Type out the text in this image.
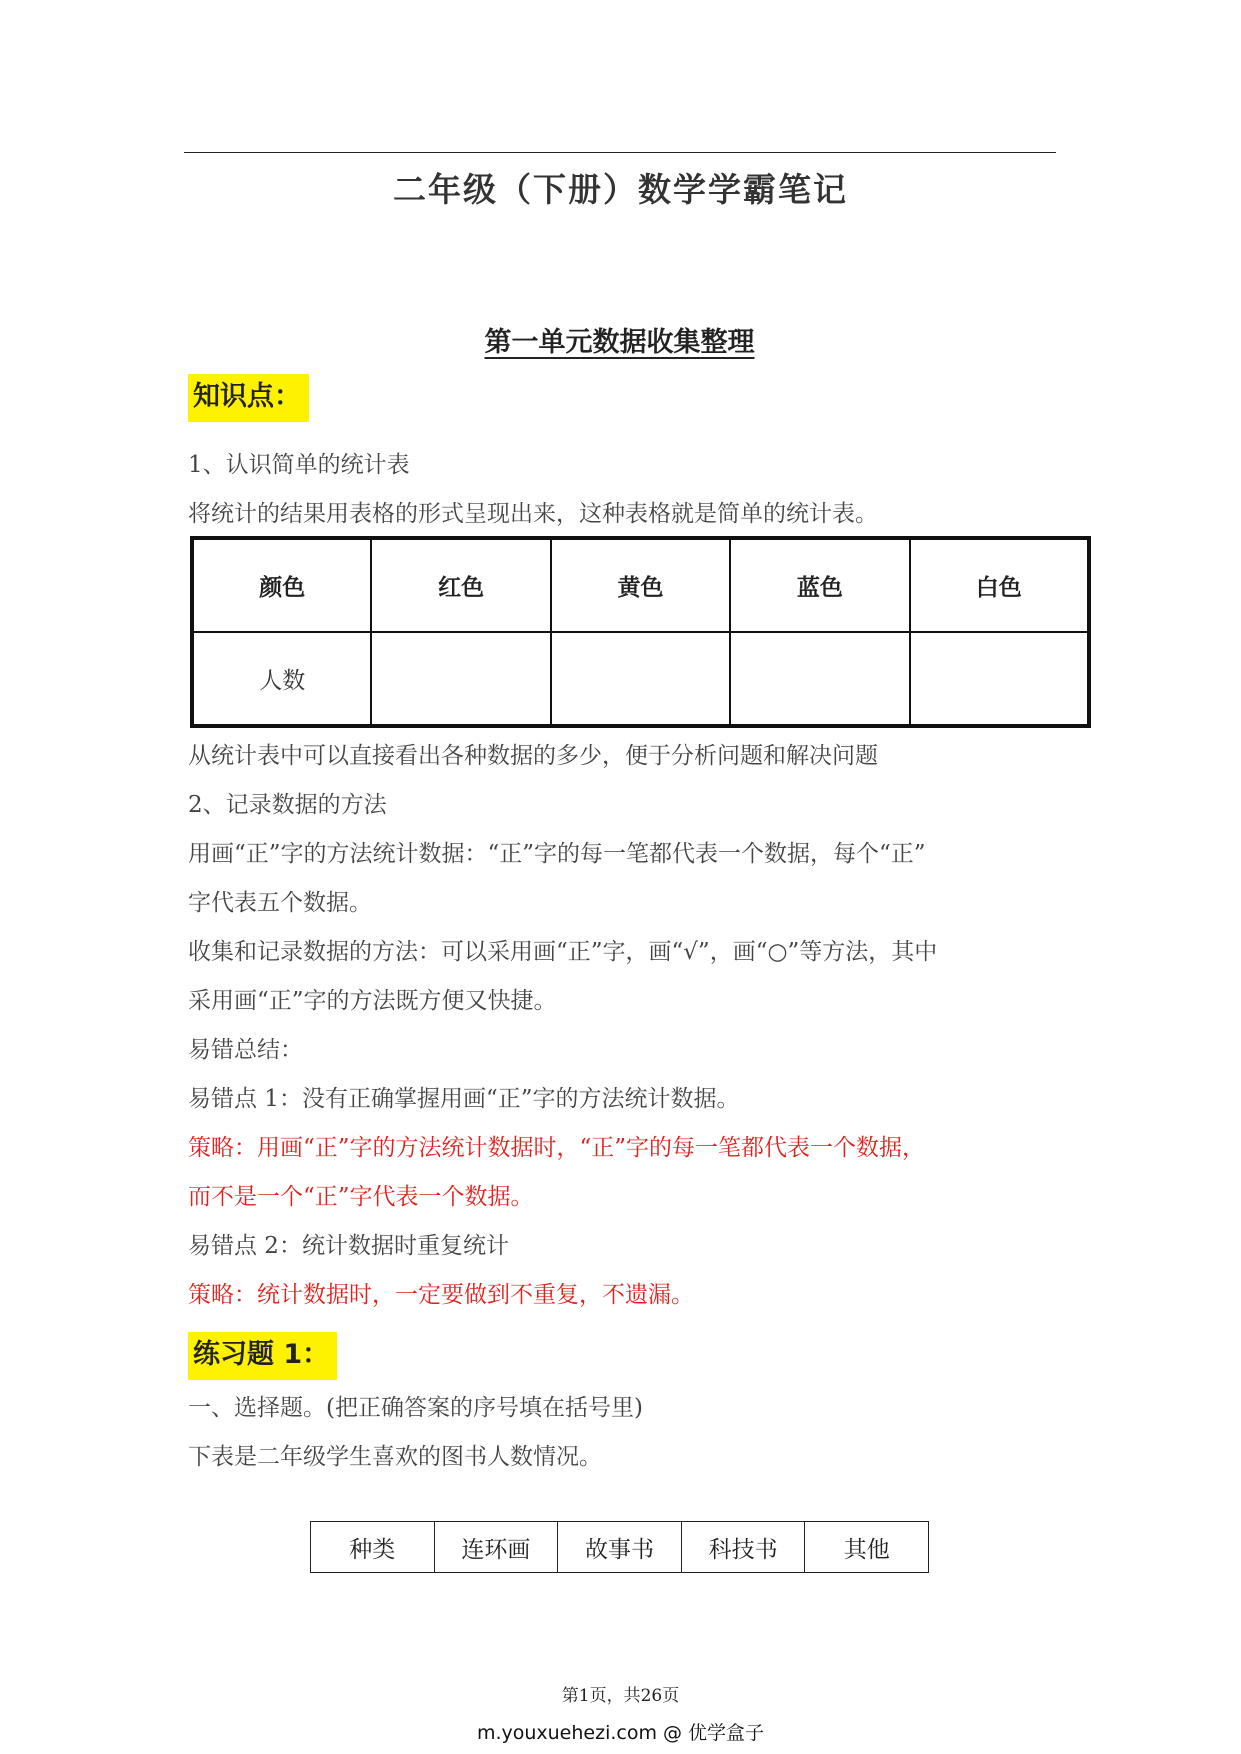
二年级（下册）数学学霸笔记
第一单元数据收集整理
知识点：
1、认识简单的统计表
将统计的结果用表格的形式呈现出来，这种表格就是简单的统计表。
颜色	红色	黄色	蓝色	白色
人数				
从统计表中可以直接看出各种数据的多少，便于分析问题和解决问题
2、记录数据的方法
用画“正”字的方法统计数据：“正”字的每一笔都代表一个数据，每个“正”
字代表五个数据。
收集和记录数据的方法：可以采用画“正”字，画“√”，画“○”等方法，其中
采用画“正”字的方法既方便又快捷。
易错总结：
易错点 1：没有正确掌握用画“正”字的方法统计数据。
策略：用画“正”字的方法统计数据时，“正”字的每一笔都代表一个数据，
而不是一个“正”字代表一个数据。
易错点 2：统计数据时重复统计
策略：统计数据时，一定要做到不重复，不遗漏。
练习题 1：
一、选择题。(把正确答案的序号填在括号里)
下表是二年级学生喜欢的图书人数情况。
种类	连环画	故事书	科技书	其他
第1页，共26页
m.youxuehezi.com @ 优学盒子
